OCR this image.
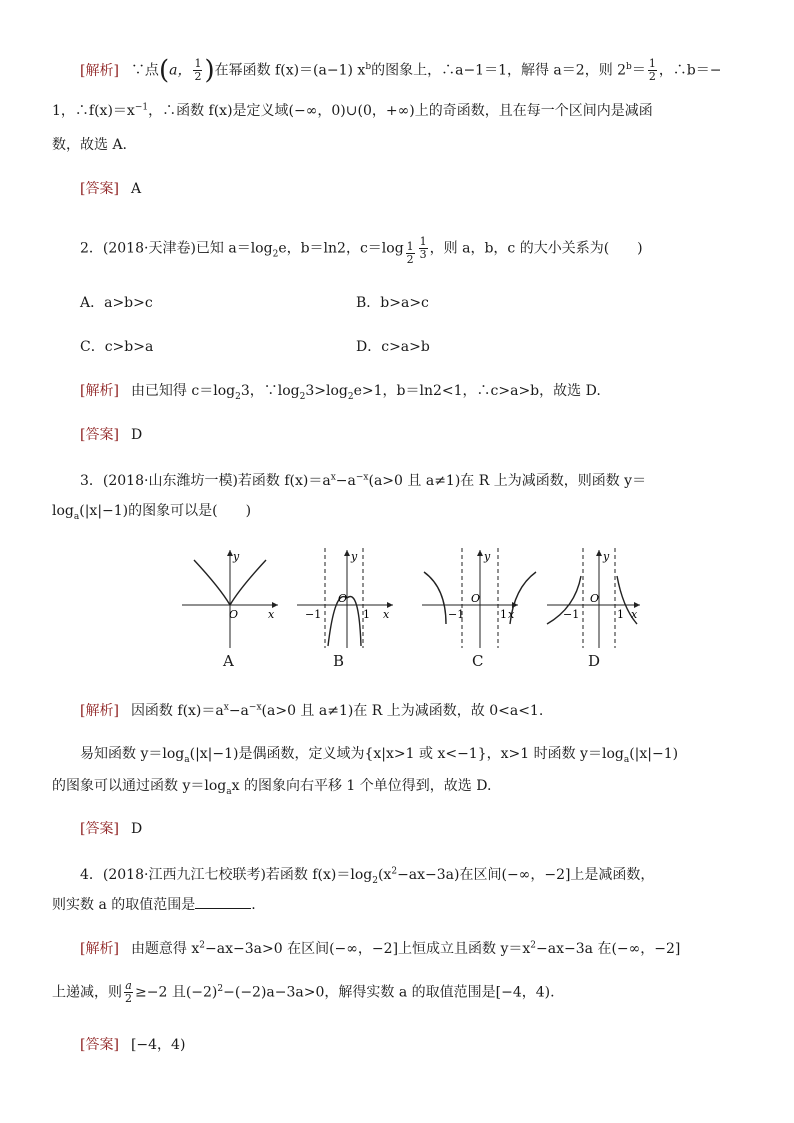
[解析] ∵点(a， $\frac{1}{2}$ )在幂函数 f(x)＝(a−1) $x^b$的图象上，∴a−1＝1，解得 a＝2，则 $2^b= \frac{1}{2}$ ，∴b＝−
1，$\therefore f(x)=x^{-1}$，∴函数 f(x)是定义域(−∞，0)∪(0，+∞)上的奇函数，且在每一个区间内是减函
数，故选 A.
[答案] A
2．(2018·天津卷)已知 $a=\log_2e$，b＝ln2，$c=\log \frac{1}{2} \frac{1}{3}$ ，则 a，b，c 的大小关系为(　　)
A．a>b>c	B．b>a>c
C．c>b>a	D．c>a>b
[解析] 由已知得 $c=\log_23$，$\because\log_23>\log_2e>1$，b＝ln2<1，∴c>a>b，故选 D.
[答案] D
3．(2018·山东潍坊一模)若函数 $f(x)=a^x-a^{-x}(a>0$ 且 a≠1)在 R 上为减函数，则函数 y＝
$\log_a(|x|-1)$的图象可以是(　　)
y
x
O
y
x
O
−1	1
y
x
O
−1	1
y
x
O
−1	1
A	B	C	D
[解析] 因函数 $f(x)=a^x-a^{-x}(a>0$ 且 a≠1)在 R 上为减函数，故 0<a<1.
易知函数 $y=\log_a(|x|-1)$是偶函数，定义域为{x|x>1 或 x<−1}，x>1 时函数 $y=\log_a(|x|-1)$
的图象可以通过函数 $y=\log_ax$ 的图象向右平移 1 个单位得到，故选 D.
[答案] D
4．(2018·江西九江七校联考)若函数 $f(x)=\log_2(x^2-ax-3a)$在区间(−∞，−2]上是减函数，
则实数 a 的取值范围是	.
[解析] 由题意得 $x^2-ax-3a>0$ 在区间(−∞，−2]上恒成立且函数 $y=x^2-ax-3a$ 在(−∞，−2]
上递减，则 $\frac{a}{2} \ge-2$ 且$(-2)^2-(-2)a-3a>0$，解得实数 a 的取值范围是[−4，4).
[答案] [−4，4)
